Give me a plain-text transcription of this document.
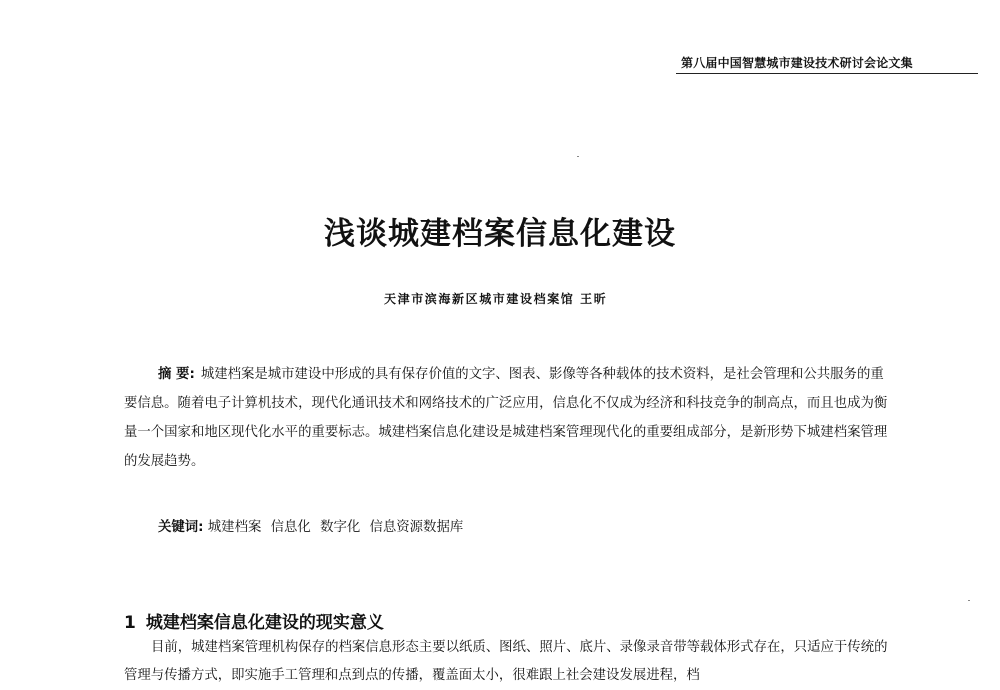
第八届中国智慧城市建设技术研讨会论文集
浅谈城建档案信息化建设
天津市滨海新区城市建设档案馆 王昕

摘 要: 城建档案是城市建设中形成的具有保存价值的文字、图表、影像等各种载体的技术资料，是社会管理和公共服务的重要信息。随着电子计算机技术，现代化通讯技术和网络技术的广泛应用，信息化不仅成为经济和科技竞争的制高点，而且也成为衡量一个国家和地区现代化水平的重要标志。城建档案信息化建设是城建档案管理现代化的重要组成部分，是新形势下城建档案管理的发展趋势。

关键词: 城建档案 信息化 数字化 信息资源数据库
1 城建档案信息化建设的现实意义

目前，城建档案管理机构保存的档案信息形态主要以纸质、图纸、照片、底片、录像录音带等载体形式存在，只适应于传统的管理与传播方式，即实施手工管理和点到点的传播，覆盖面太小，很难跟上社会建设发展进程，档
